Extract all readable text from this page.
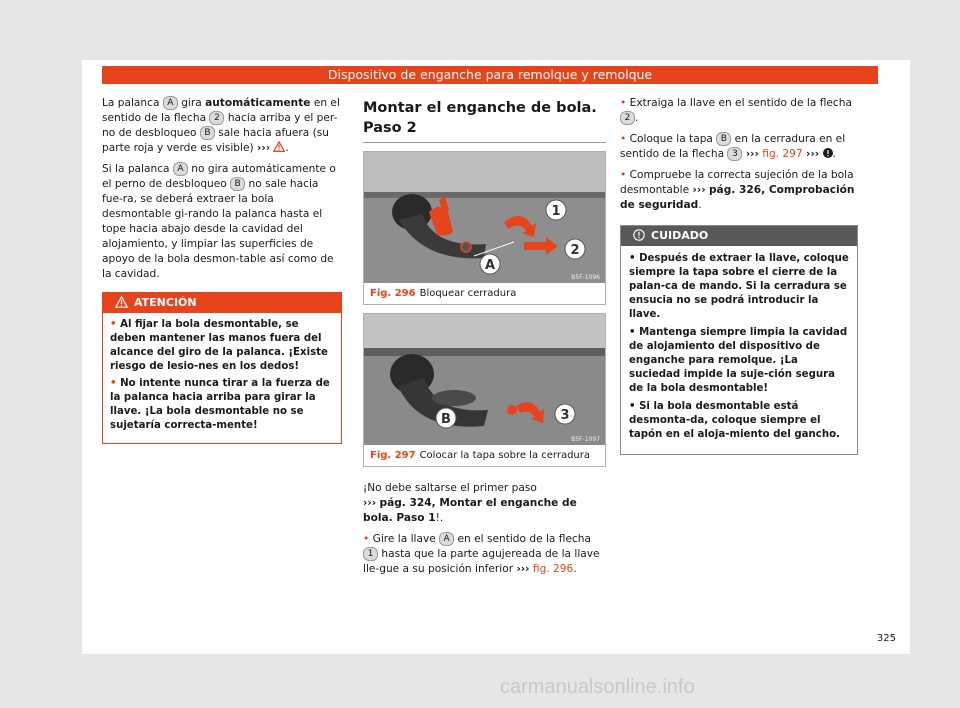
Dispositivo de enganche para remolque y remolque

La palanca A gira automáticamente en el sentido de la flecha 2 hacia arriba y el per-no de desbloqueo B sale hacia afuera (su parte roja y verde es visible) ››› .

Si la palanca A no gira automáticamente o el perno de desbloqueo B no sale hacia fue-ra, se deberá extraer la bola desmontable gi-rando la palanca hasta el tope hacia abajo desde la cavidad del alojamiento, y limpiar las superficies de apoyo de la bola desmon-table así como de la cavidad.

ATENCIÓN

• Al fijar la bola desmontable, se deben mantener las manos fuera del alcance del giro de la palanca. ¡Existe riesgo de lesio-nes en los dedos!

• No intente nunca tirar a la fuerza de la palanca hacia arriba para girar la llave. ¡La bola desmontable no se sujetaría correcta-mente!

Montar el enganche de bola. Paso 2
1
2
A
B5F-1096
Fig. 296 Bloquear cerradura
B	3
B5F-1097
Fig. 297 Colocar la tapa sobre la cerradura

¡No debe saltarse el primer paso
››› pág. 324, Montar el enganche de bola. Paso 1!.

• Gire la llave A en el sentido de la flecha 1 hasta que la parte agujereada de la llave lle-gue a su posición inferior ››› fig. 296.

• Extraiga la llave en el sentido de la flecha 2 .

• Coloque la tapa B en la cerradura en el sentido de la flecha 3 ››› fig. 297 ››› .

• Compruebe la correcta sujeción de la bola desmontable ››› pág. 326, Comprobación de seguridad.

CUIDADO

• Después de extraer la llave, coloque siempre la tapa sobre el cierre de la palan-ca de mando. Si la cerradura se ensucia no se podrá introducir la llave.

• Mantenga siempre limpia la cavidad de alojamiento del dispositivo de enganche para remolque. ¡La suciedad impide la suje-ción segura de la bola desmontable!

• Si la bola desmontable está desmonta-da, coloque siempre el tapón en el aloja-miento del gancho.

325
carmanualsonline.info
